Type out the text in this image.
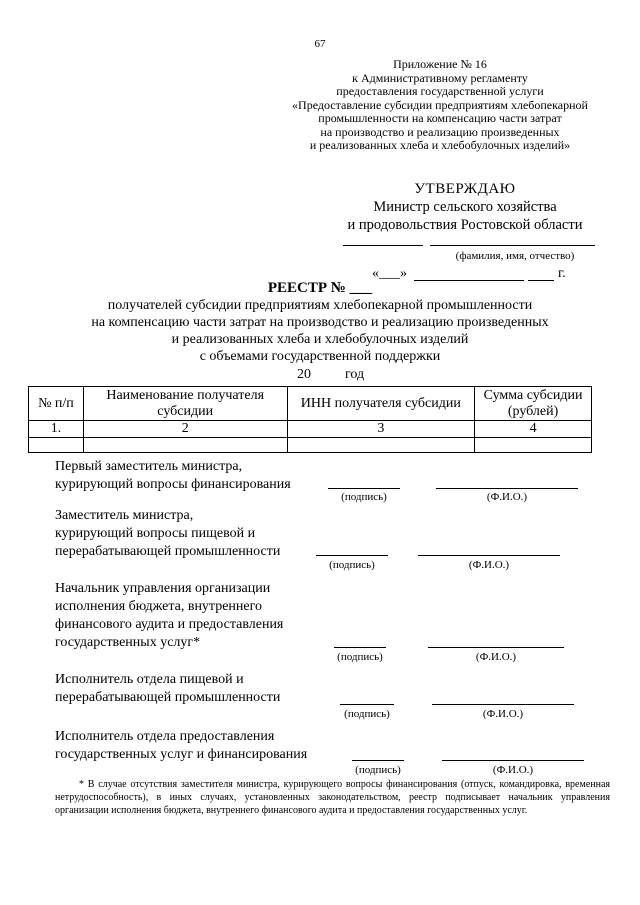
67
Приложение № 16
к Административному регламенту
предоставления государственной услуги
«Предоставление субсидии предприятиям хлебопекарной
промышленности на компенсацию части затрат
на производство и реализацию произведенных
и реализованных хлеба и хлебобулочных изделий»
УТВЕРЖДАЮ
Министр сельского хозяйства
и продовольствия Ростовской области
(фамилия, имя, отчество)
«___»	г.
РЕЕСТР № ___
получателей субсидии предприятиям хлебопекарной промышленности
на компенсацию части затрат на производство и реализацию произведенных
и реализованных хлеба и хлебобулочных изделий
с объемами государственной поддержки
20 год
№ п/п	Наименование получателя субсидии	ИНН получателя субсидии	Сумма субсидии (рублей)
1.	2	3	4

Первый заместитель министра,
курирующий вопросы финансирования
(подпись)	(Ф.И.О.)
Заместитель министра,
курирующий вопросы пищевой и
перерабатывающей промышленности
(подпись)	(Ф.И.О.)
Начальник управления организации
исполнения бюджета, внутреннего
финансового аудита и предоставления
государственных услуг*
(подпись)	(Ф.И.О.)
Исполнитель отдела пищевой и
перерабатывающей промышленности
(подпись)	(Ф.И.О.)
Исполнитель отдела предоставления
государственных услуг и финансирования
(подпись)	(Ф.И.О.)
* В случае отсутствия заместителя министра, курирующего вопросы финансирования (отпуск, командировка, временная нетрудоспособность), в иных случаях, установленных законодательством, реестр подписывает начальник управления организации исполнения бюджета, внутреннего финансового аудита и предоставления государственных услуг.
